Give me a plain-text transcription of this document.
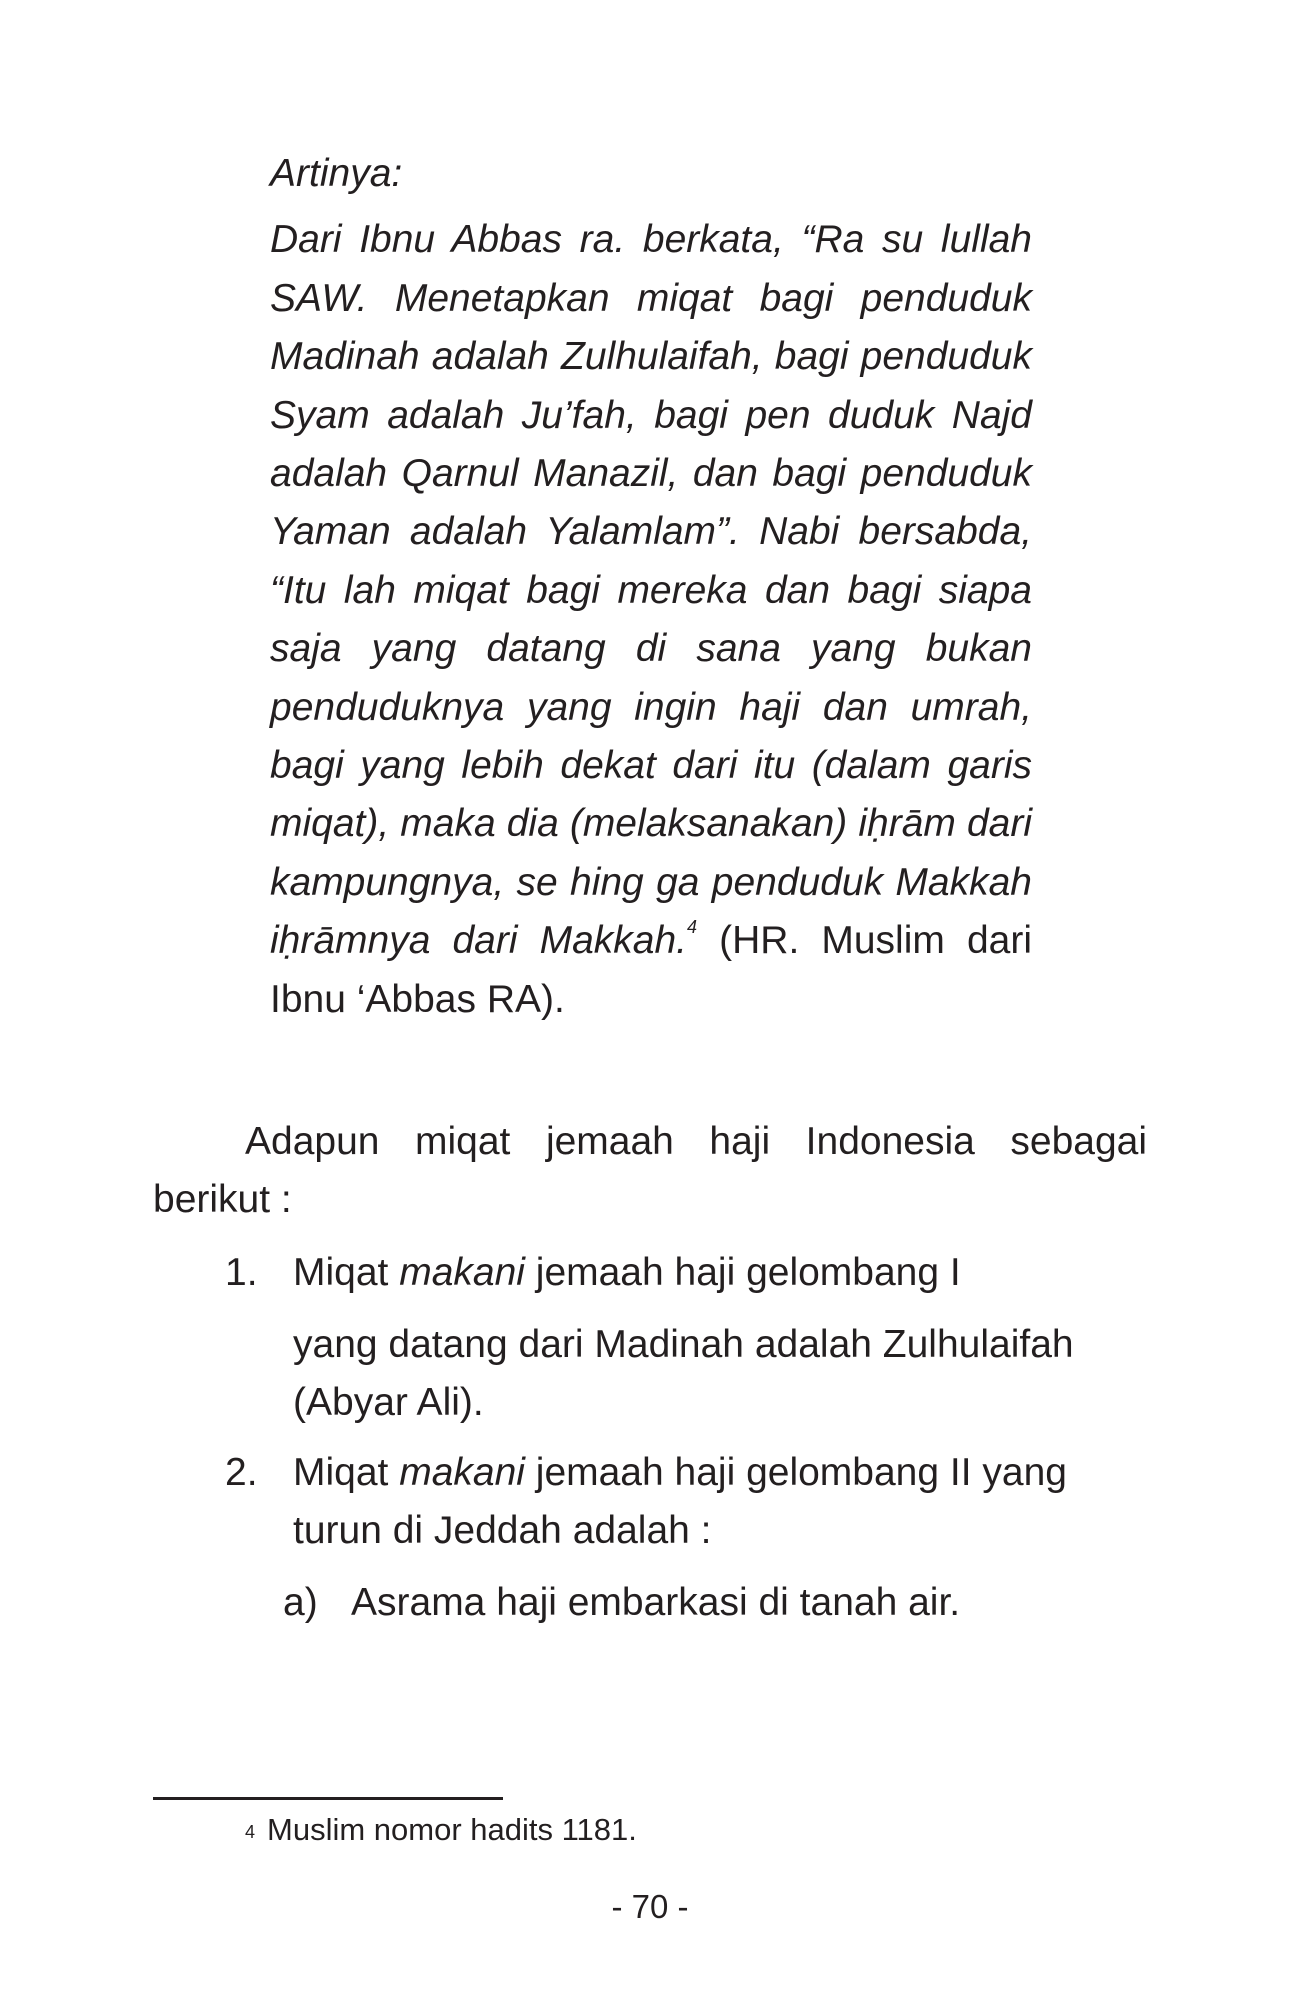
Artinya:

Dari Ibnu Abbas ra. berkata, “Ra su lullah SAW. Menetapkan miqat bagi penduduk Madinah adalah Zulhulaifah, bagi penduduk Syam adalah Ju’fah, bagi pen duduk Najd adalah Qarnul Manazil, dan bagi penduduk Yaman adalah Yalamlam”. Nabi bersabda, “Itu lah miqat bagi mereka dan bagi siapa saja yang datang di sana yang bukan penduduknya yang ingin haji dan umrah, bagi yang lebih dekat dari itu (dalam garis miqat), maka dia (melaksanakan) iḥrām dari kampungnya, se hing ga penduduk Makkah iḥrāmnya dari Makkah.$^4$ (HR. Muslim dari Ibnu ‘Abbas RA).

Adapun miqat jemaah haji Indonesia sebagai berikut :

1. Miqat makani jemaah haji gelombang I
yang datang dari Madinah adalah Zulhulaifah (Abyar Ali).
2. Miqat makani jemaah haji gelombang II yang turun di Jeddah adalah :
a) Asrama haji embarkasi di tanah air.
$^4$ Muslim nomor hadits 1181.
- 70 -
